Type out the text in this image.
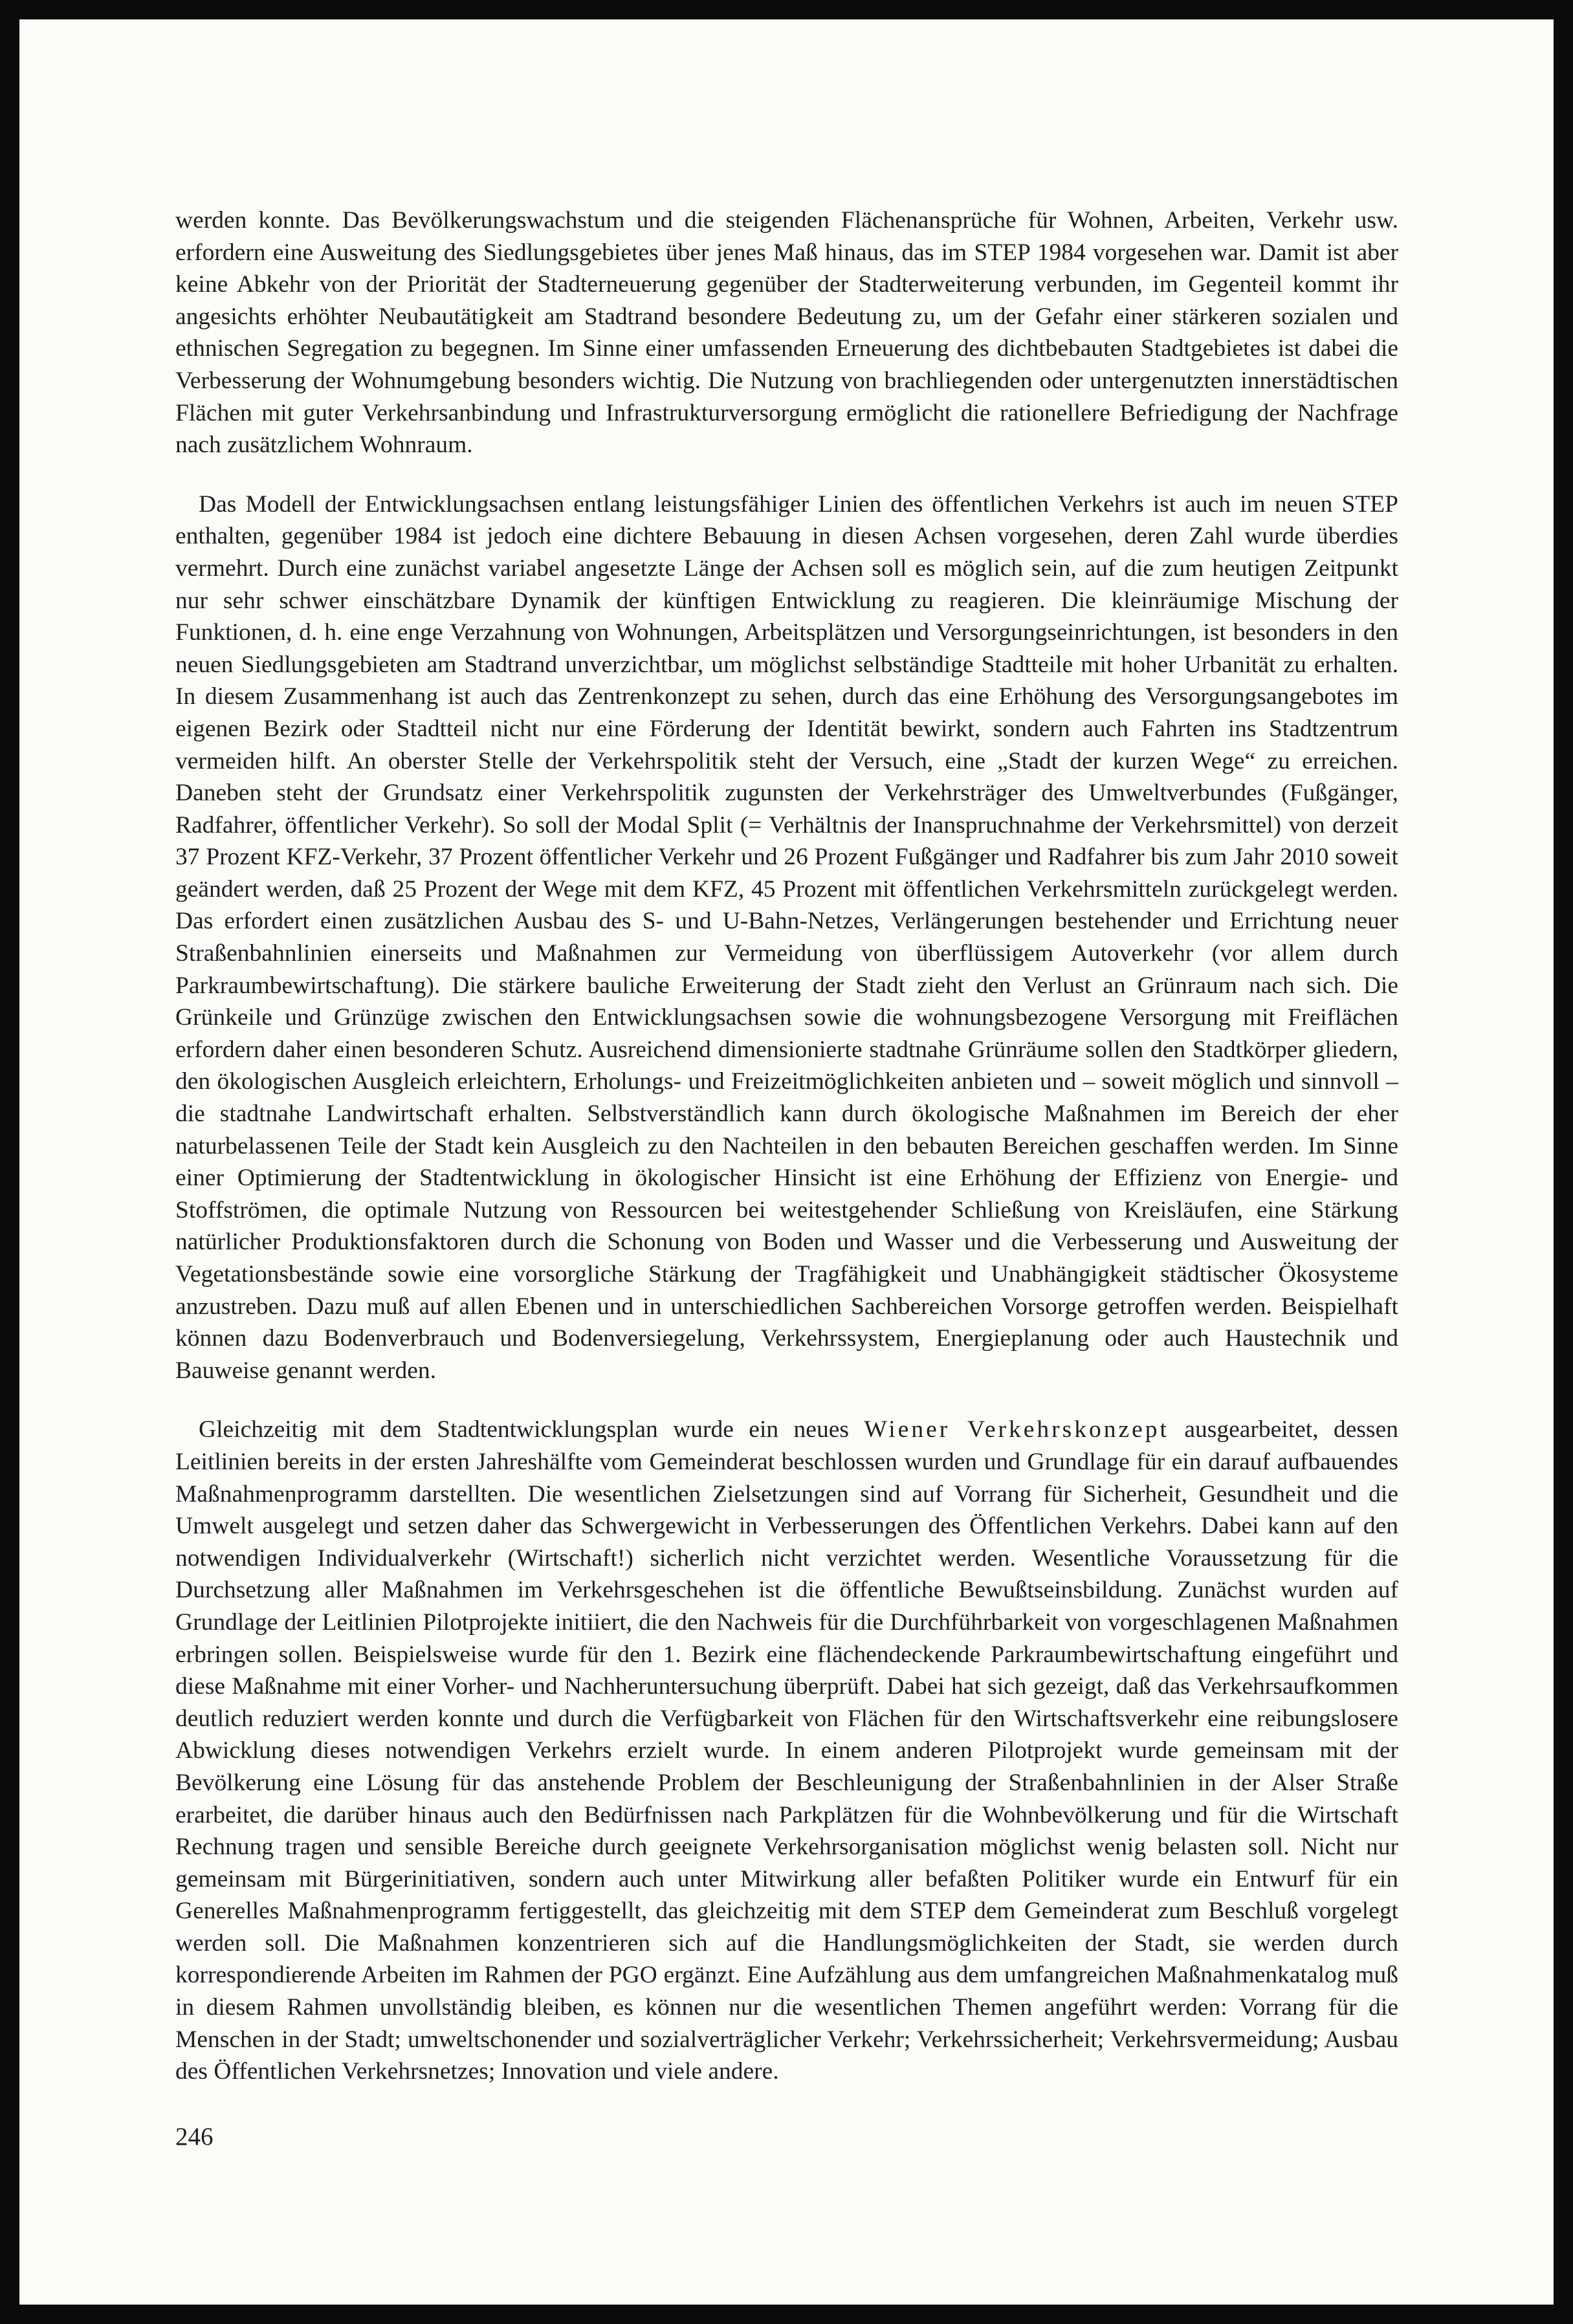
werden konnte. Das Bevölkerungswachstum und die steigenden Flächenansprüche für Wohnen, Arbeiten, Verkehr usw. erfordern eine Ausweitung des Siedlungsgebietes über jenes Maß hinaus, das im STEP 1984 vorgesehen war. Damit ist aber keine Abkehr von der Priorität der Stadterneuerung gegenüber der Stadterweiterung verbunden, im Gegenteil kommt ihr angesichts erhöhter Neubautätigkeit am Stadtrand besondere Bedeutung zu, um der Gefahr einer stärkeren sozialen und ethnischen Segregation zu begegnen. Im Sinne einer umfassenden Erneuerung des dichtbebauten Stadtgebietes ist dabei die Verbesserung der Wohnumgebung besonders wichtig. Die Nutzung von brachliegenden oder untergenutzten innerstädtischen Flächen mit guter Verkehrsanbindung und Infrastrukturversorgung ermöglicht die rationellere Befriedigung der Nachfrage nach zusätzlichem Wohnraum.

Das Modell der Entwicklungsachsen entlang leistungsfähiger Linien des öffentlichen Verkehrs ist auch im neuen STEP enthalten, gegenüber 1984 ist jedoch eine dichtere Bebauung in diesen Achsen vorgesehen, deren Zahl wurde überdies vermehrt. Durch eine zunächst variabel angesetzte Länge der Achsen soll es möglich sein, auf die zum heutigen Zeitpunkt nur sehr schwer einschätzbare Dynamik der künftigen Entwicklung zu reagieren. Die kleinräumige Mischung der Funktionen, d. h. eine enge Verzahnung von Wohnungen, Arbeitsplätzen und Versorgungseinrichtungen, ist besonders in den neuen Siedlungsgebieten am Stadtrand unverzichtbar, um möglichst selbständige Stadtteile mit hoher Urbanität zu erhalten. In diesem Zusammenhang ist auch das Zentrenkonzept zu sehen, durch das eine Erhöhung des Versorgungsangebotes im eigenen Bezirk oder Stadtteil nicht nur eine Förderung der Identität bewirkt, sondern auch Fahrten ins Stadtzentrum vermeiden hilft. An oberster Stelle der Verkehrspolitik steht der Versuch, eine „Stadt der kurzen Wege“ zu erreichen. Daneben steht der Grundsatz einer Verkehrspolitik zugunsten der Verkehrsträger des Umweltverbundes (Fußgänger, Radfahrer, öffentlicher Verkehr). So soll der Modal Split (= Verhältnis der Inanspruchnahme der Verkehrsmittel) von derzeit 37 Prozent KFZ-Verkehr, 37 Prozent öffentlicher Verkehr und 26 Prozent Fußgänger und Radfahrer bis zum Jahr 2010 soweit geändert werden, daß 25 Prozent der Wege mit dem KFZ, 45 Prozent mit öffentlichen Verkehrsmitteln zurückgelegt werden. Das erfordert einen zusätzlichen Ausbau des S- und U-Bahn-Netzes, Verlängerungen bestehender und Errichtung neuer Straßenbahnlinien einerseits und Maßnahmen zur Vermeidung von überflüssigem Autoverkehr (vor allem durch Parkraumbewirtschaftung). Die stärkere bauliche Erweiterung der Stadt zieht den Verlust an Grünraum nach sich. Die Grünkeile und Grünzüge zwischen den Entwicklungsachsen sowie die wohnungsbezogene Versorgung mit Freiflächen erfordern daher einen besonderen Schutz. Ausreichend dimensionierte stadtnahe Grünräume sollen den Stadtkörper gliedern, den ökologischen Ausgleich erleichtern, Erholungs- und Freizeitmöglichkeiten anbieten und – soweit möglich und sinnvoll – die stadtnahe Landwirtschaft erhalten. Selbstverständlich kann durch ökologische Maßnahmen im Bereich der eher naturbelassenen Teile der Stadt kein Ausgleich zu den Nachteilen in den bebauten Bereichen geschaffen werden. Im Sinne einer Optimierung der Stadtentwicklung in ökologischer Hinsicht ist eine Erhöhung der Effizienz von Energie- und Stoffströmen, die optimale Nutzung von Ressourcen bei weitestgehender Schließung von Kreisläufen, eine Stärkung natürlicher Produktionsfaktoren durch die Schonung von Boden und Wasser und die Verbesserung und Ausweitung der Vegetationsbestände sowie eine vorsorgliche Stärkung der Tragfähigkeit und Unabhängigkeit städtischer Ökosysteme anzustreben. Dazu muß auf allen Ebenen und in unterschiedlichen Sachbereichen Vorsorge getroffen werden. Beispielhaft können dazu Bodenverbrauch und Bodenversiegelung, Verkehrssystem, Energieplanung oder auch Haustechnik und Bauweise genannt werden.

Gleichzeitig mit dem Stadtentwicklungsplan wurde ein neues Wiener Verkehrskonzept ausgearbeitet, dessen Leitlinien bereits in der ersten Jahreshälfte vom Gemeinderat beschlossen wurden und Grundlage für ein darauf aufbauendes Maßnahmenprogramm darstellten. Die wesentlichen Zielsetzungen sind auf Vorrang für Sicherheit, Gesundheit und die Umwelt ausgelegt und setzen daher das Schwergewicht in Verbesserungen des Öffentlichen Verkehrs. Dabei kann auf den notwendigen Individualverkehr (Wirtschaft!) sicherlich nicht verzichtet werden. Wesentliche Voraussetzung für die Durchsetzung aller Maßnahmen im Verkehrsgeschehen ist die öffentliche Bewußtseinsbildung. Zunächst wurden auf Grundlage der Leitlinien Pilotprojekte initiiert, die den Nachweis für die Durchführbarkeit von vorgeschlagenen Maßnahmen erbringen sollen. Beispielsweise wurde für den 1. Bezirk eine flächendeckende Parkraumbewirtschaftung eingeführt und diese Maßnahme mit einer Vorher- und Nachheruntersuchung überprüft. Dabei hat sich gezeigt, daß das Verkehrsaufkommen deutlich reduziert werden konnte und durch die Verfügbarkeit von Flächen für den Wirtschaftsverkehr eine reibungslosere Abwicklung dieses notwendigen Verkehrs erzielt wurde. In einem anderen Pilotprojekt wurde gemeinsam mit der Bevölkerung eine Lösung für das anstehende Problem der Beschleunigung der Straßenbahnlinien in der Alser Straße erarbeitet, die darüber hinaus auch den Bedürfnissen nach Parkplätzen für die Wohnbevölkerung und für die Wirtschaft Rechnung tragen und sensible Bereiche durch geeignete Verkehrsorganisation möglichst wenig belasten soll. Nicht nur gemeinsam mit Bürgerinitiativen, sondern auch unter Mitwirkung aller befaßten Politiker wurde ein Entwurf für ein Generelles Maßnahmenprogramm fertiggestellt, das gleichzeitig mit dem STEP dem Gemeinderat zum Beschluß vorgelegt werden soll. Die Maßnahmen konzentrieren sich auf die Handlungsmöglichkeiten der Stadt, sie werden durch korrespondierende Arbeiten im Rahmen der PGO ergänzt. Eine Aufzählung aus dem umfangreichen Maßnahmenkatalog muß in diesem Rahmen unvollständig bleiben, es können nur die wesentlichen Themen angeführt werden: Vorrang für die Menschen in der Stadt; umweltschonender und sozialverträglicher Verkehr; Verkehrssicherheit; Verkehrsvermeidung; Ausbau des Öffentlichen Verkehrsnetzes; Innovation und viele andere.

246
